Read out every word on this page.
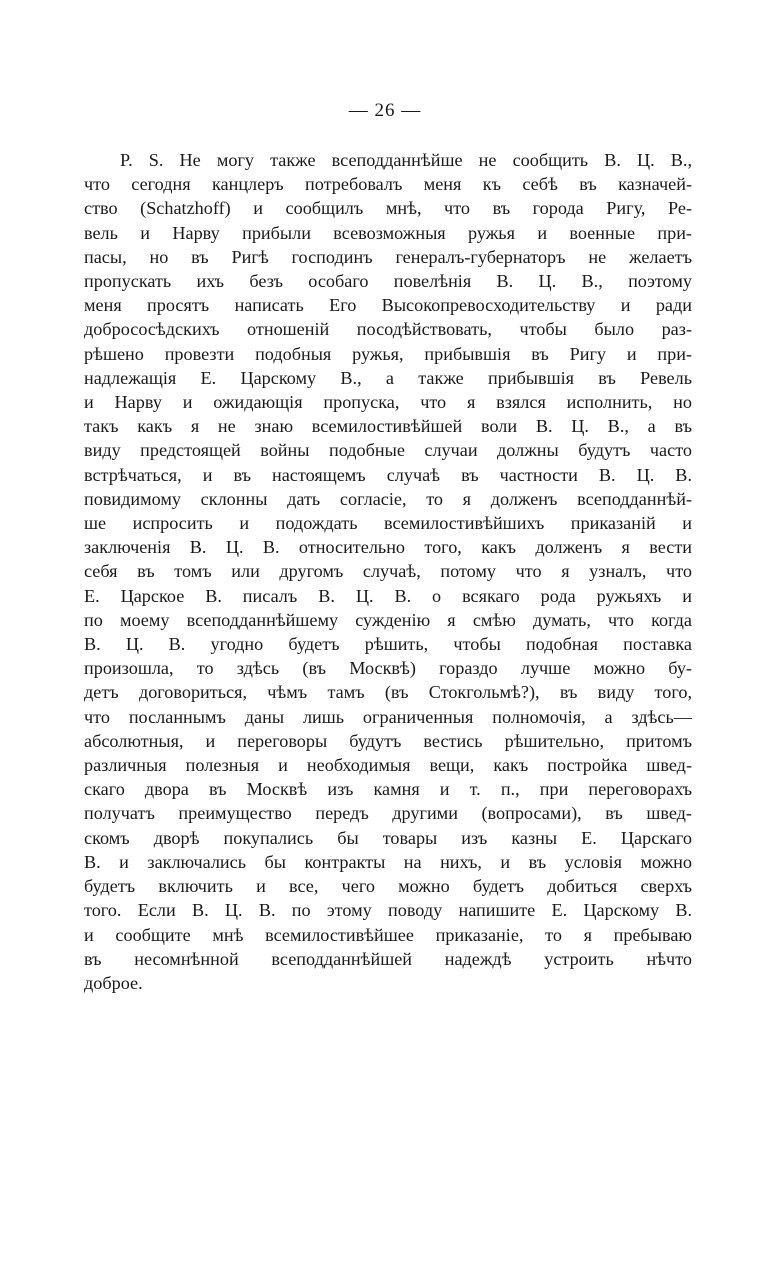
— 26 —
P. S. Не могу также всеподданнѣйше не сообщить В. Ц. В.,
что сегодня канцлеръ потребовалъ меня къ себѣ въ казначей-
ство (Schatzhoff) и сообщилъ мнѣ, что въ города Ригу, Ре-
вель и Нарву прибыли всевозможныя ружья и военные при-
пасы, но въ Ригѣ господинъ генералъ-губернаторъ не желаетъ
пропускать ихъ безъ особаго повелѣнія В. Ц. В., поэтому
меня просятъ написать Его Высокопревосходительству и ради
добрососѣдскихъ отношеній посодѣйствовать, чтобы было раз-
рѣшено провезти подобныя ружья, прибывшія въ Ригу и при-
надлежащія Е. Царскому В., а также прибывшія въ Ревель
и Нарву и ожидающія пропуска, что я взялся исполнить, но
такъ какъ я не знаю всемилостивѣйшей воли В. Ц. В., а въ
виду предстоящей войны подобные случаи должны будутъ часто
встрѣчаться, и въ настоящемъ случаѣ въ частности В. Ц. В.
повидимому склонны дать согласіе, то я долженъ всеподданнѣй-
ше испросить и подождать всемилостивѣйшихъ приказаній и
заключенія В. Ц. В. относительно того, какъ долженъ я вести
себя въ томъ или другомъ случаѣ, потому что я узналъ, что
Е. Царское В. писалъ В. Ц. В. о всякаго рода ружьяхъ и
по моему всеподданнѣйшему сужденію я смѣю думать, что когда
В. Ц. В. угодно будетъ рѣшить, чтобы подобная поставка
произошла, то здѣсь (въ Москвѣ) гораздо лучше можно бу-
детъ договориться, чѣмъ тамъ (въ Стокгольмѣ?), въ виду того,
что посланнымъ даны лишь ограниченныя полномочія, а здѣсь—
абсолютныя, и переговоры будутъ вестись рѣшительно, притомъ
различныя полезныя и необходимыя вещи, какъ постройка швед-
скаго двора въ Москвѣ изъ камня и т. п., при переговорахъ
получатъ преимущество передъ другими (вопросами), въ швед-
скомъ дворѣ покупались бы товары изъ казны Е. Царскаго
В. и заключались бы контракты на нихъ, и въ условія можно
будетъ включить и все, чего можно будетъ добиться сверхъ
того. Если В. Ц. В. по этому поводу напишите Е. Царскому В.
и сообщите мнѣ всемилостивѣйшее приказаніе, то я пребываю
въ несомнѣнной всеподданнѣйшей надеждѣ устроить нѣчто
доброе.
